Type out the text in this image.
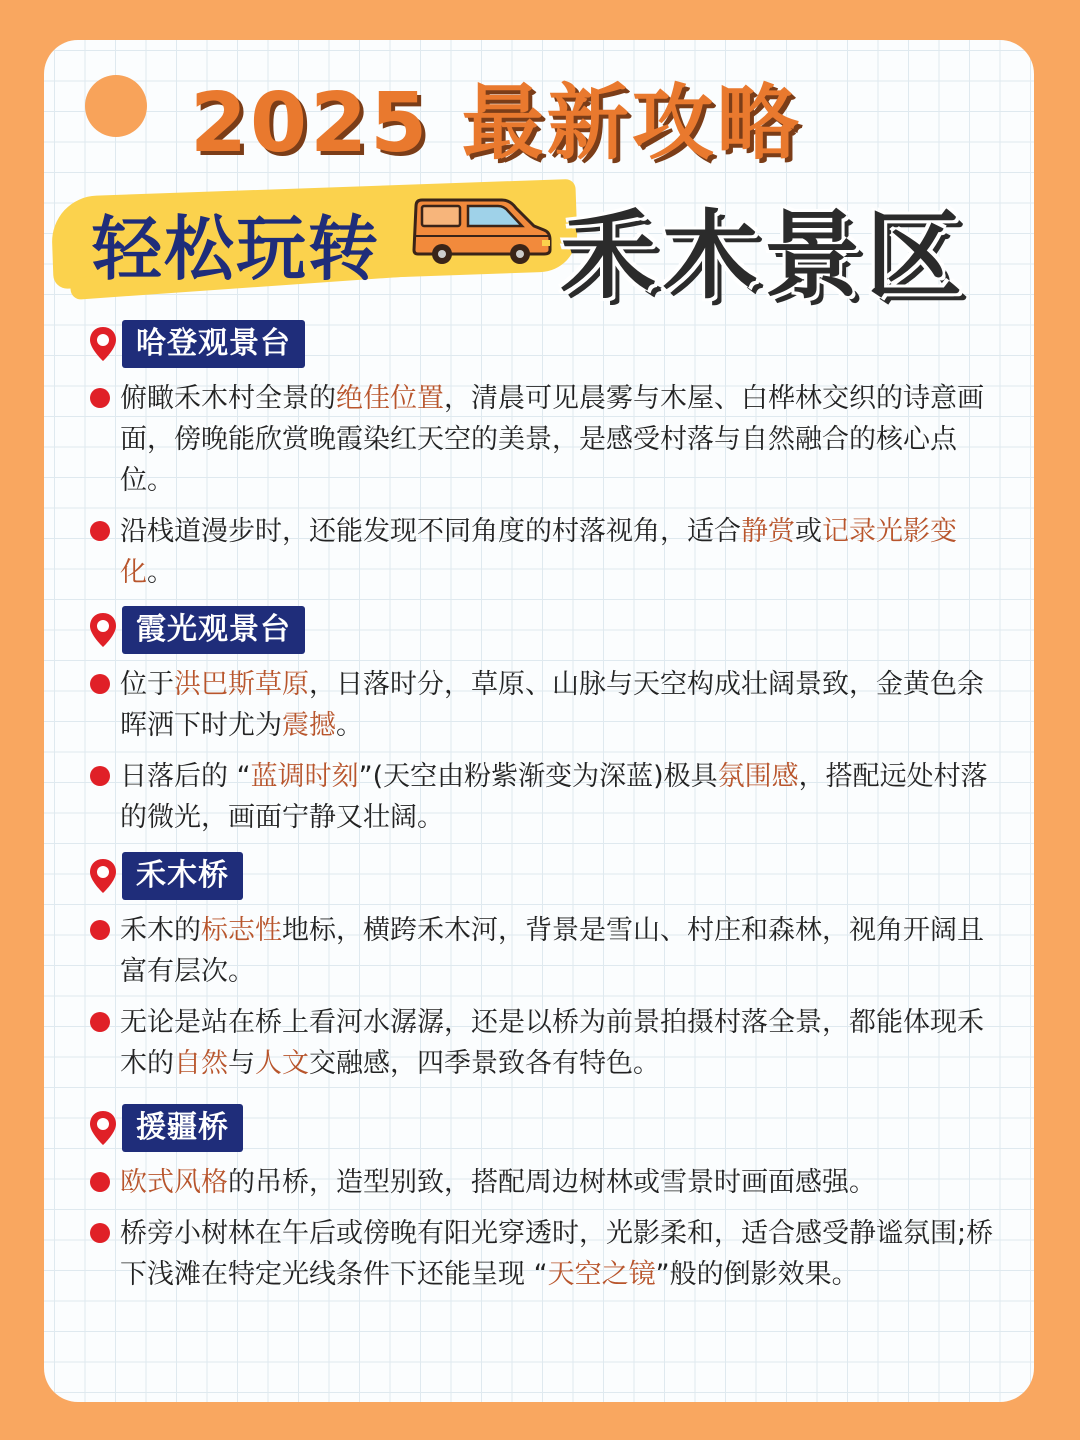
2025 最新攻略
轻松玩转 禾木景区
哈登观景台
俯瞰禾木村全景的绝佳位置，清晨可见晨雾与木屋、白桦林交织的诗意画面，傍晚能欣赏晚霞染红天空的美景，是感受村落与自然融合的核心点位。
沿栈道漫步时，还能发现不同角度的村落视角，适合静赏或记录光影变化。
霞光观景台
位于洪巴斯草原，日落时分，草原、山脉与天空构成壮阔景致，金黄色余晖洒下时尤为震撼。
日落后的 “蓝调时刻”(天空由粉紫渐变为深蓝)极具氛围感，搭配远处村落的微光，画面宁静又壮阔。
禾木桥
禾木的标志性地标，横跨禾木河，背景是雪山、村庄和森林，视角开阔且富有层次。
无论是站在桥上看河水潺潺，还是以桥为前景拍摄村落全景，都能体现禾木的自然与人文交融感，四季景致各有特色。
援疆桥
欧式风格的吊桥，造型别致，搭配周边树林或雪景时画面感强。
桥旁小树林在午后或傍晚有阳光穿透时，光影柔和，适合感受静谧氛围;桥下浅滩在特定光线条件下还能呈现 “天空之镜”般的倒影效果。
